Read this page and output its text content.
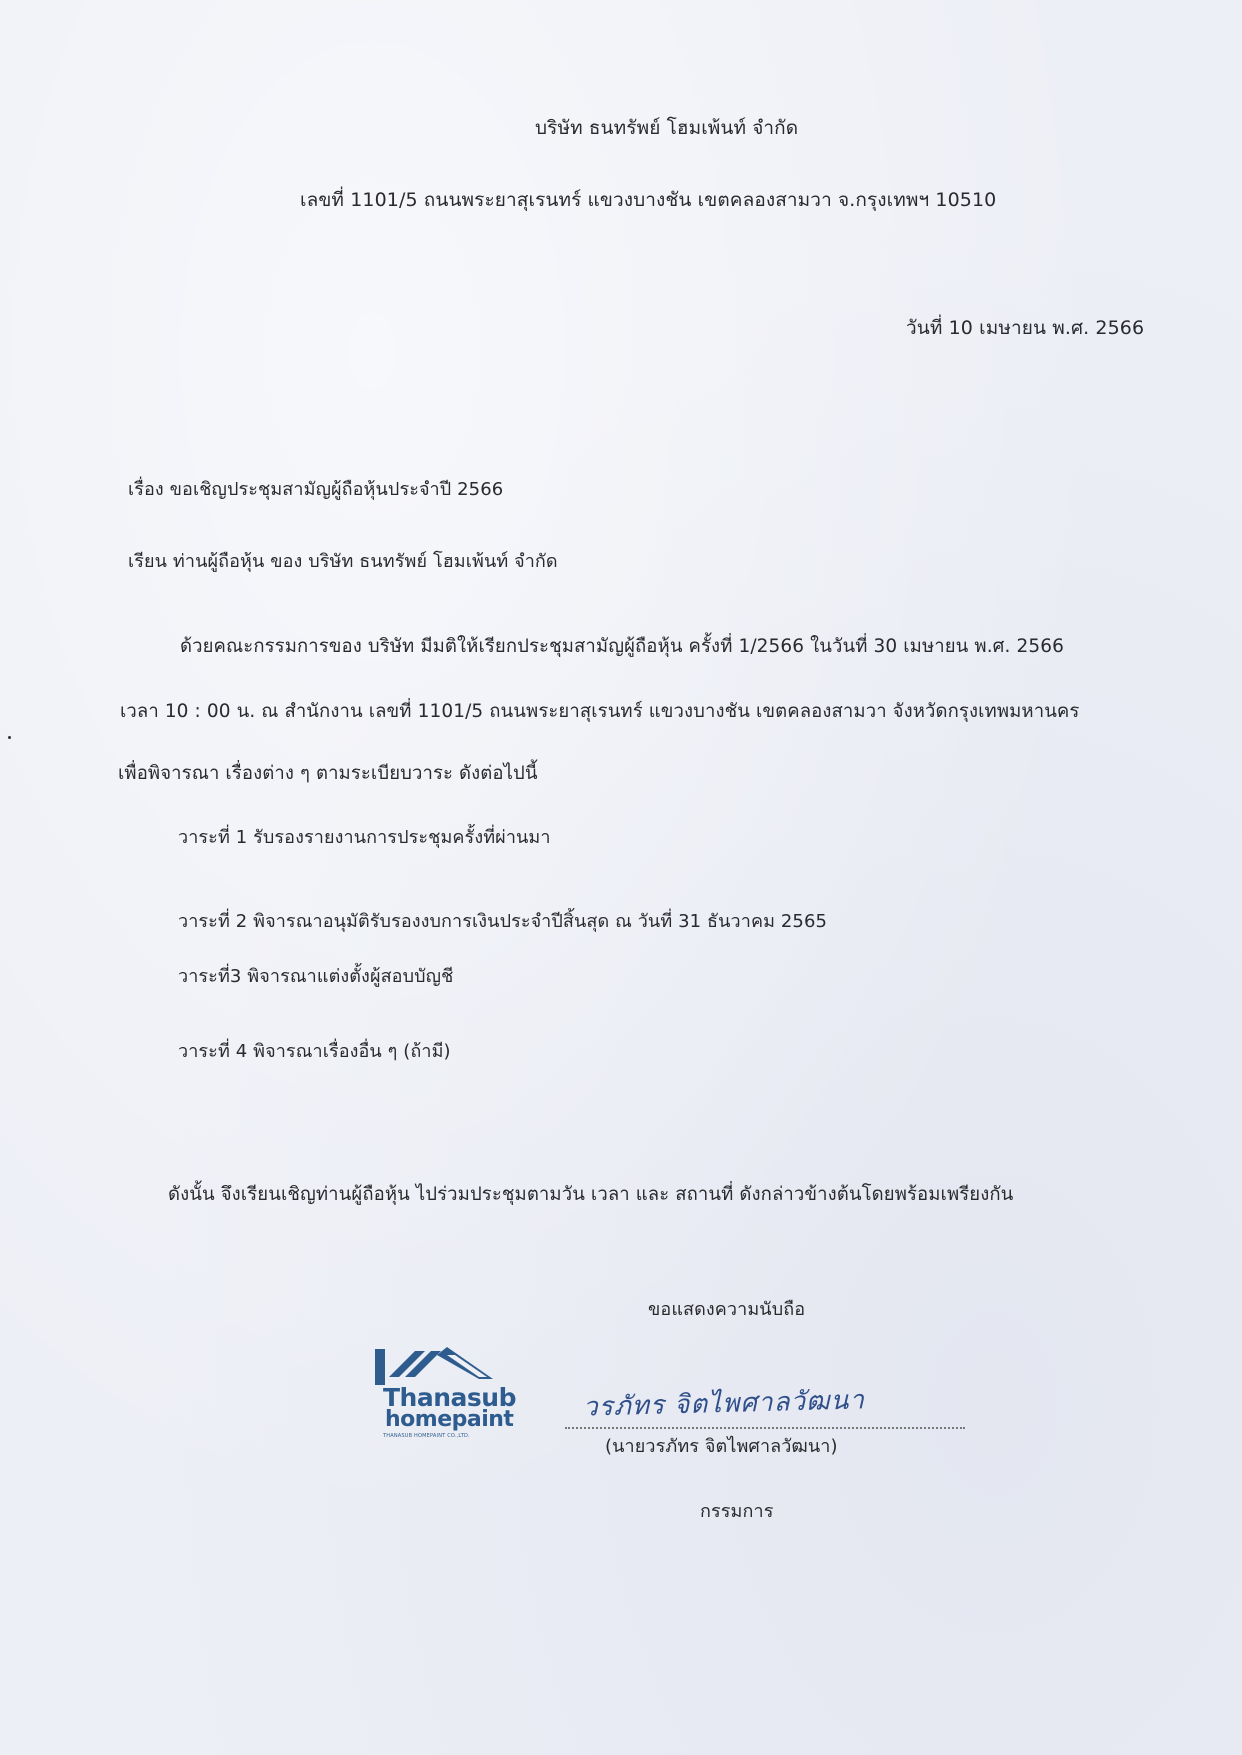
บริษัท ธนทรัพย์ โฮมเพ้นท์ จำกัด
เลขที่ 1101/5 ถนนพระยาสุเรนทร์ แขวงบางชัน เขตคลองสามวา จ.กรุงเทพฯ 10510
วันที่ 10 เมษายน พ.ศ. 2566
เรื่อง ขอเชิญประชุมสามัญผู้ถือหุ้นประจำปี 2566
เรียน ท่านผู้ถือหุ้น ของ บริษัท ธนทรัพย์ โฮมเพ้นท์ จำกัด
ด้วยคณะกรรมการของ บริษัท มีมติให้เรียกประชุมสามัญผู้ถือหุ้น ครั้งที่ 1/2566 ในวันที่ 30 เมษายน พ.ศ. 2566
เวลา 10 : 00 น. ณ สำนักงาน เลขที่ 1101/5 ถนนพระยาสุเรนทร์ แขวงบางชัน เขตคลองสามวา จังหวัดกรุงเทพมหานคร
เพื่อพิจารณา เรื่องต่าง ๆ ตามระเบียบวาระ ดังต่อไปนี้
วาระที่ 1 รับรองรายงานการประชุมครั้งที่ผ่านมา
วาระที่ 2 พิจารณาอนุมัติรับรองงบการเงินประจำปีสิ้นสุด ณ วันที่ 31 ธันวาคม 2565
วาระที่3 พิจารณาแต่งตั้งผู้สอบบัญชี
วาระที่ 4 พิจารณาเรื่องอื่น ๆ (ถ้ามี)
ดังนั้น จึงเรียนเชิญท่านผู้ถือหุ้น ไปร่วมประชุมตามวัน เวลา และ สถานที่ ดังกล่าวข้างต้นโดยพร้อมเพรียงกัน
ขอแสดงความนับถือ
Thanasub
homepaint
THANASUB HOMEPAINT CO.,LTD.
วรภัทร จิตไพศาลวัฒนา
(นายวรภัทร จิตไพศาลวัฒนา)
กรรมการ
